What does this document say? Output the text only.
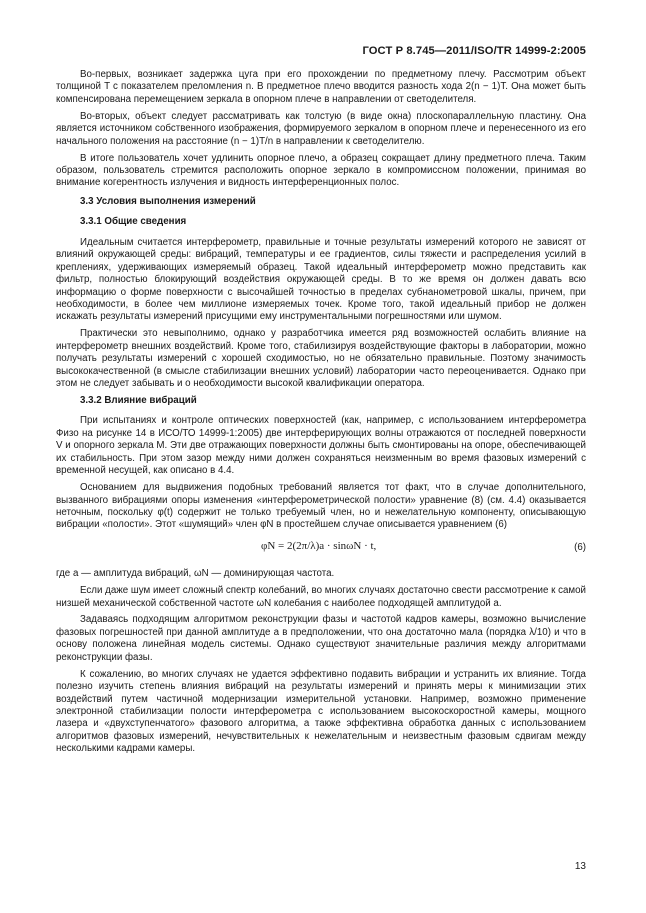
ГОСТ Р 8.745—2011/ISO/TR 14999-2:2005

Во-первых, возникает задержка цуга при его прохождении по предметному плечу. Рассмотрим объект толщиной T с показателем преломления n. В предметное плечо вводится разность хода 2(n − 1)T. Она может быть компенсирована перемещением зеркала в опорном плече в направлении от светоделителя.

Во-вторых, объект следует рассматривать как толстую (в виде окна) плоскопараллельную пластину. Она является источником собственного изображения, формируемого зеркалом в опорном плече и перенесенного из его начального положения на расстояние (n − 1)T/n в направлении к светоделителю.

В итоге пользователь хочет удлинить опорное плечо, а образец сокращает длину предметного плеча. Таким образом, пользователь стремится расположить опорное зеркало в компромиссном положении, принимая во внимание когерентность излучения и видность интерференционных полос.

3.3 Условия выполнения измерений
3.3.1 Общие сведения

Идеальным считается интерферометр, правильные и точные результаты измерений которого не зависят от влияний окружающей среды: вибраций, температуры и ее градиентов, силы тяжести и распределения усилий в креплениях, удерживающих измеряемый образец. Такой идеальный интерферометр можно представить как фильтр, полностью блокирующий воздействия окружающей среды. В то же время он должен давать всю информацию о форме поверхности с высочайшей точностью в пределах субнанометровой шкалы, причем, при необходимости, в более чем миллионе измеряемых точек. Кроме того, такой идеальный прибор не должен искажать результаты измерений присущими ему инструментальными погрешностями или шумом.

Практически это невыполнимо, однако у разработчика имеется ряд возможностей ослабить влияние на интерферометр внешних воздействий. Кроме того, стабилизируя воздействующие факторы в лаборатории, можно получать результаты измерений с хорошей сходимостью, но не обязательно правильные. Поэтому значимость высококачественной (в смысле стабилизации внешних условий) лаборатории часто переоценивается. Однако при этом не следует забывать и о необходимости высокой квалификации оператора.

3.3.2 Влияние вибраций

При испытаниях и контроле оптических поверхностей (как, например, с использованием интерферометра Физо на рисунке 14 в ИСО/ТО 14999-1:2005) две интерферирующих волны отражаются от последней поверхности V и опорного зеркала M. Эти две отражающих поверхности должны быть смонтированы на опоре, обеспечивающей их стабильность. При этом зазор между ними должен сохраняться неизменным во время фазовых измерений с временной несущей, как описано в 4.4.

Основанием для выдвижения подобных требований является тот факт, что в случае дополнительного, вызванного вибрациями опоры изменения «интерферометрической полости» уравнение (8) (см. 4.4) оказывается неточным, поскольку φ(t) содержит не только требуемый член, но и нежелательную компоненту, описывающую вибрации «полости». Этот «шумящий» член φN в простейшем случае описывается уравнением (6)

φN = 2(2π/λ)a · sinωN · t,	(6)

где a — амплитуда вибраций, ωN — доминирующая частота.

Если даже шум имеет сложный спектр колебаний, во многих случаях достаточно свести рассмотрение к самой низшей механической собственной частоте ωN колебания с наиболее подходящей амплитудой a.

Задаваясь подходящим алгоритмом реконструкции фазы и частотой кадров камеры, возможно вычисление фазовых погрешностей при данной амплитуде a в предположении, что она достаточно мала (порядка λ/10) и что в основу положена линейная модель системы. Однако существуют значительные различия между алгоритмами реконструкции фазы.

К сожалению, во многих случаях не удается эффективно подавить вибрации и устранить их влияние. Тогда полезно изучить степень влияния вибраций на результаты измерений и принять меры к минимизации этих воздействий путем частичной модернизации измерительной установки. Например, возможно применение электронной стабилизации полости интерферометра с использованием высокоскоростной камеры, мощного лазера и «двухступенчатого» фазового алгоритма, а также эффективна обработка данных с использованием алгоритмов фазовых измерений, нечувствительных к нежелательным и неизвестным фазовым сдвигам между несколькими кадрами камеры.

13
